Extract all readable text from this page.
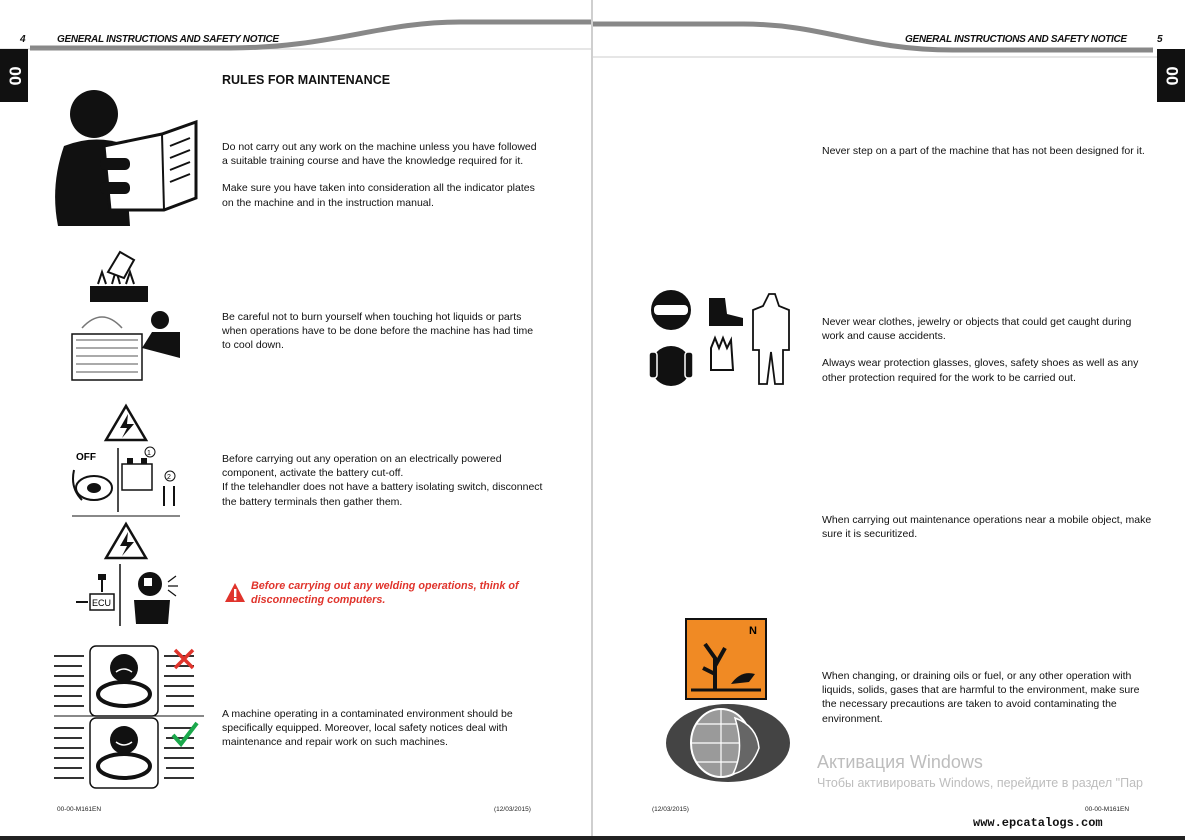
4	GENERAL INSTRUCTIONS AND SAFETY NOTICE
00	RULES FOR MAINTENANCE

Do not carry out any work on the machine unless you have followed a suitable training course and have the knowledge required for it.

Make sure you have taken into consideration all the indicator plates on the machine and in the instruction manual.

Be careful not to burn yourself when touching hot liquids or parts when operations have to be done before the machine has had time to cool down.

OFF	1
2

Before carrying out any operation on an electrically powered component, activate the battery cut-off.

If the telehandler does not have a battery isolating switch, disconnect the battery terminals then gather them.

ECU
Before carrying out any welding operations, think of disconnecting computers.

A machine operating in a contaminated environment should be specifically equipped. Moreover, local safety notices deal with maintenance and repair work on such machines.

00-00-M161EN	(12/03/2015)
GENERAL INSTRUCTIONS AND SAFETY NOTICE	5
00

Never step on a part of the machine that has not been designed for it.

Never wear clothes, jewelry or objects that could get caught during work and cause accidents.

Always wear protection glasses, gloves, safety shoes as well as any other protection required for the work to be carried out.

When carrying out maintenance operations near a mobile object, make sure it is securitized.

N

When changing, or draining oils or fuel, or any other operation with liquids, solids, gases that are harmful to the environment, make sure the necessary precautions are taken to avoid contaminating the environment.

(12/03/2015)	00-00-M161EN
Активация Windows
Чтобы активировать Windows, перейдите в раздел "Пар
www.epcatalogs.com
